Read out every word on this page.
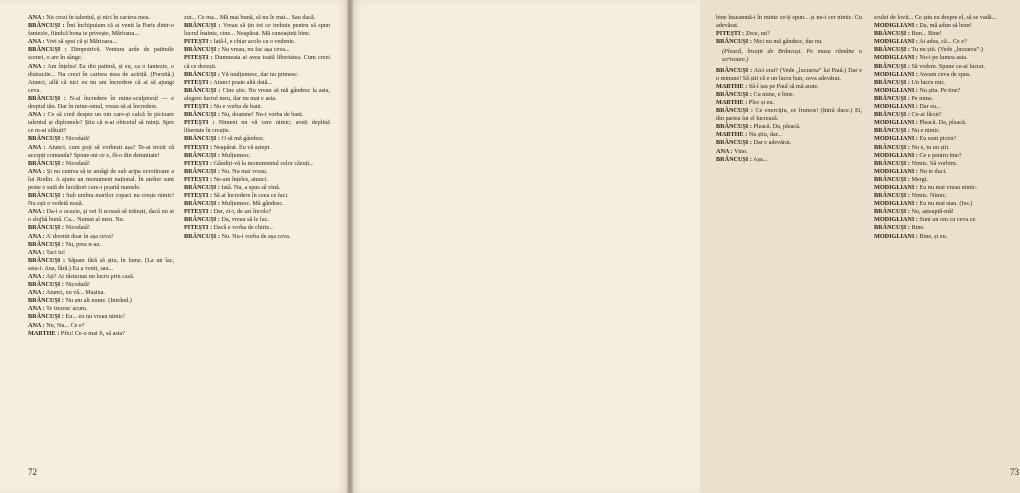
ANA : Nu crezi în talentul, și nici în cariera mea.

BRÂNCUȘI : Îmi închipuiam că ai venit la Paris dintr-o fantezie, fiindcă bona te privește, Mărioara...

ANA : Vrei să spui că și Mărioara...

BRÂNCUȘI : Dimpotrivă. Ventura arde de patimile scenei, o are în sânge.

ANA : Am înțeles! Ea din patimă, și eu, ca o fantezie, o distractie... Nu crezi în cariera mea de actriță. (Pornită.) Atunci, află că nici eu nu am încredere că ai să ajungi ceva.

BRÂNCUȘI : N-ai încredere în mine-sculptorul — e dreptul tău. Dar în mine-omul, vreau să ai încredere.

ANA : Ce să cred despre un om care-și calcă în picioare talentul și diplomele? Știu că n-ai obiceiul să minți. Spre ce m-ai sfătuit?

BRÂNCUȘI : Nicodată!

ANA : Atunci, cum poți să vorbești așa? Te-ai trezit că accepți comanda? Spune-mi ce e, fă-o din demnitate!

BRÂNCUȘI : Nicodată!

ANA : Și nu cumva să te amăgi de sub aripa ocrotitoare a lui Rodin. A ajuns un monument național. În atelier sunt peste o sută de lucrători care-i poartă numele.

BRÂNCUȘI : Sub umbra marilor copaci nu crește nimic! Nu ești o vedetă nouă.

ANA : Da-i o ocazie, și vei fi scoasă să trăiești, dacă nu ai o slujbă bună. Ca... Numai al meu. Nu.

BRÂNCUȘI : Nicodată!

ANA : A' dormit doar în așa ceva?

BRÂNCUȘI : Nu, prea n-au.

ANA : Taci tu!

BRÂNCUȘI : Săpam fără să știu, în lume. (La un lac, asta-i: Ana, fără.) Ea a venit, sau...

ANA : Ați? Ai răsturnat un lucru prin casă.

BRÂNCUȘI : Nicodată!

ANA : Atunci, eu vă... Mașina.

BRÂNCUȘI : Nu am alt nume. (Intrând.)

ANA : Te trezesc acum.

BRÂNCUȘI : Eu... eu nu vreau nimic!

ANA : Nu, Nu... Ce e?

MARTHE : Pfiu! Ce-o mai fi, să asta?

zut... Ce ma... Mă mai bună, să nu le mai... Sau dacă.

BRÂNCUȘI : Vreau să țin tot ce trebuie pentru să spun lucrul înainte, cine... Neapărat. Mă cunoașteți bine.

PITEȘTI : Iată-l, e chiar acolo ca o vedenie.

BRÂNCUȘI : Nu vreau, nu fac așa ceva...

PITEȘTI : Dumneata ai avea toată libertatea. Cum crezi că ce dorești.

BRÂNCUȘI : Vă mulțumesc, dar nu primesc.

PITEȘTI : Atunci poate altă dată...

BRÂNCUȘI : Cine știe. Nu vreau să mă gândesc la asta, alegem lucrul meu, dar nu mai e asta.

PITEȘTI : Nu e vorba de bani.

BRÂNCUȘI : Nu, doamne! Nu-i vorba de bani.

PITEȘTI : Nimeni nu vă cere nimic; aveți deplină libertate în creație.

BRÂNCUȘI : O să mă gândesc.

PITEȘTI : Neapărat. Eu vă aștept.

BRÂNCUȘI : Mulțumesc.

PITEȘTI : Gândiți-vă la monumentul celor căzuți...

BRÂNCUȘI : Nu. Nu mai vreau.

PITEȘTI : Ne-am înțeles, atunci.

BRÂNCUȘI : Iată. Nu, a spus să vină.

PITEȘTI : Să ai încredere în ceea ce faci.

BRÂNCUȘI : Mulțumesc. Mă gândesc.

PITEȘTI : Dar, zi-i, de azi încolo?

BRÂNCUȘI : Da, vreau să le fac.

PITEȘTI : Dacă e vorba de chirie...

BRÂNCUȘI : Nu. Nu-i vorba de așa ceva.

72

bine înseamnă-i în minte ce-ți spun... și nu-i cer nimic. Cu adevărat.

PITEȘTI : Zece, nu?

BRÂNCUȘI : Nici nu mă gândesc, dar nu.

(Pleacă, însoțit de Brâncuși. Pe masa rămâne o scrisoare.)

BRÂNCUȘI : Aici erai? (Vede „lucrarea” lui Paul.) Dar e o minune! Să știi că e un lucru bun, ceva adevărat.

MARTHE : Să-l iau pe Paul să mă arate.

BRÂNCUȘI : Cu mine, e bine.

MARTHE : Plec și eu.

BRÂNCUȘI : Ce exercițiu, ce frumos! (Intră duce.) Ei, din partea lui el lucrează.

BRÂNCUȘI : Pleacă. Da, pleacă.

MARTHE : Nu știu, dar...

BRÂNCUȘI : Dar e adevărat.

ANA : Vino.

BRÂNCUȘI : Așa...

sculei de lovit... Ce știu eu despre el, să se vadă...

MODIGLIANI : Da, mă adun să bem!

BRÂNCUȘI : Bun... Bine!

MODIGLIANI : Ai adus, că... Ce e?

BRÂNCUȘI : Tu nu știi. (Vede „lucrarea”.)

MODIGLIANI : Nu-i pe lumea asta.

BRÂNCUȘI : Să vedem. Spune ce-ai lucrat.

MODIGLIANI : Aveam ceva de spus.

BRÂNCUȘI : Un lucru mic.

MODIGLIANI : Nu știu. Pe tine?

BRÂNCUȘI : Pe mine.

MODIGLIANI : Dar eu...

BRÂNCUȘI : Ce-ai făcut?

MODIGLIANI : Pleacă. Da, pleacă.

BRÂNCUȘI : Nu e nimic.

MODIGLIANI : Eu sunt pictor!

BRÂNCUȘI : Nu e, tu nu știi.

MODIGLIANI : Ce e pentru tine?

BRÂNCUȘI : Nimic. Să vorbim.

MODIGLIANI : Nu te duci.

BRÂNCUȘI : Mergi.

MODIGLIANI : Eu nu mai vreau nimic.

BRÂNCUȘI : Nimic. Nimic.

MODIGLIANI : Eu nu mai stau. (Ies.)

BRÂNCUȘI : Nu, așteaptă-mă!

MODIGLIANI : Sunt un om cu ceva ce.

BRÂNCUȘI : Bine.

MODIGLIANI : Bine, și eu.

73
